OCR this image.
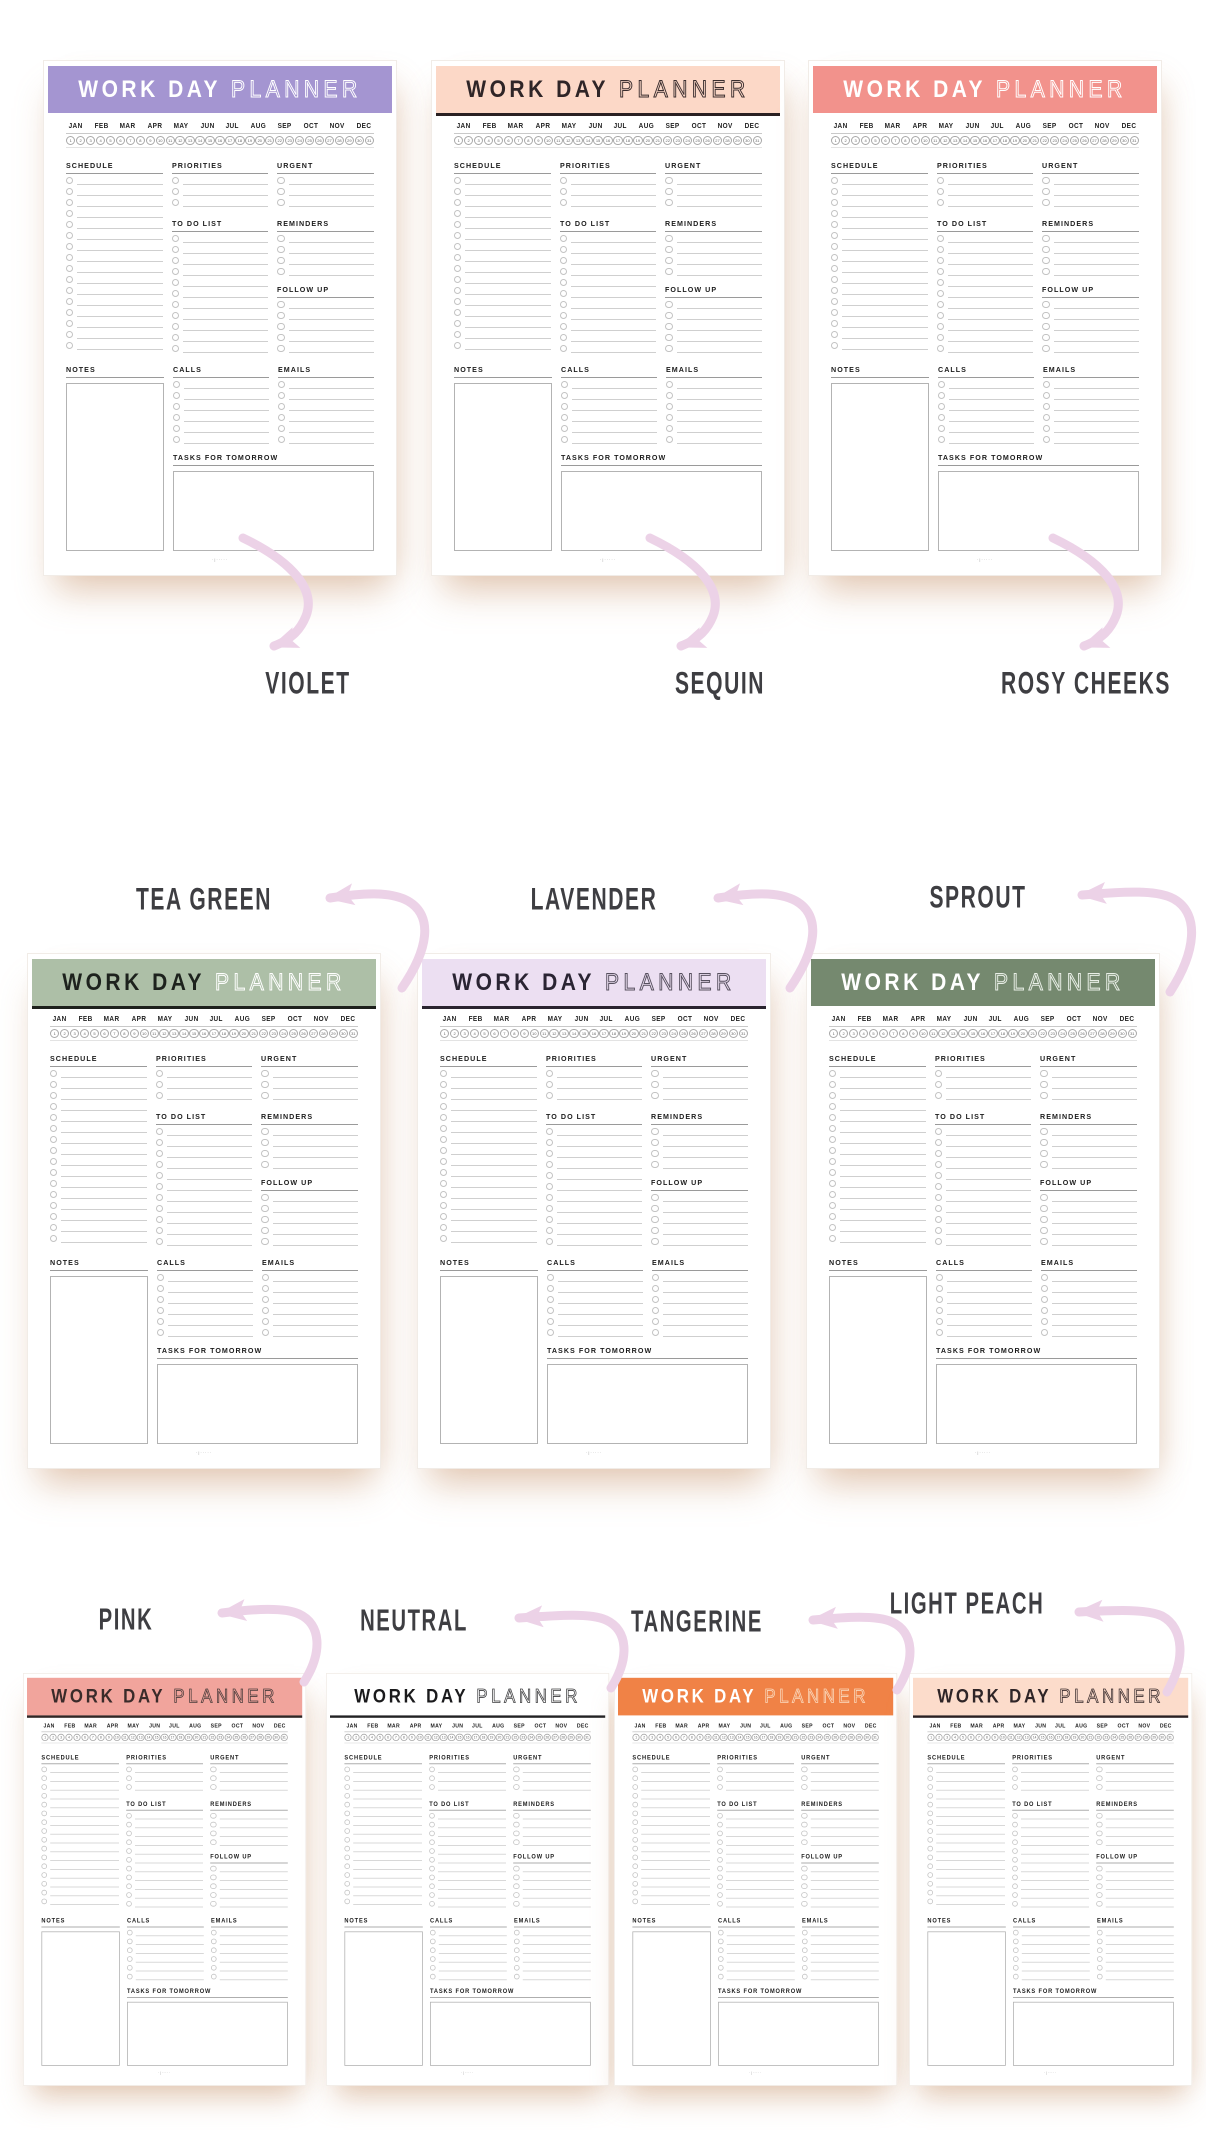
WORK DAY PLANNER
JAN FEB MAR APR MAY JUN JUL AUG SEP OCT NOV DEC
1	2	3	4	5	6	7	8	9	10	11	12	13	14	15	16	17	18	19	20	21	22	23	24	25	26	27	28	29	30	31
SCHEDULE	PRIORITIES
TO DO LIST
URGENT
REMINDERS
FOLLOW UP
NOTES	CALLS	EMAILS
TASKS FOR TOMORROW
·|·····
WORK DAY PLANNER
JAN FEB MAR APR MAY JUN JUL AUG SEP OCT NOV DEC
1	2	3	4	5	6	7	8	9	10	11	12	13	14	15	16	17	18	19	20	21	22	23	24	25	26	27	28	29	30	31
SCHEDULE	PRIORITIES
TO DO LIST
URGENT
REMINDERS
FOLLOW UP
NOTES	CALLS	EMAILS
TASKS FOR TOMORROW
·|·····
WORK DAY PLANNER
JAN FEB MAR APR MAY JUN JUL AUG SEP OCT NOV DEC
1	2	3	4	5	6	7	8	9	10	11	12	13	14	15	16	17	18	19	20	21	22	23	24	25	26	27	28	29	30	31
SCHEDULE	PRIORITIES
TO DO LIST
URGENT
REMINDERS
FOLLOW UP
NOTES	CALLS	EMAILS
TASKS FOR TOMORROW
·|·····
WORK DAY PLANNER
JAN FEB MAR APR MAY JUN JUL AUG SEP OCT NOV DEC
1	2	3	4	5	6	7	8	9	10	11	12	13	14	15	16	17	18	19	20	21	22	23	24	25	26	27	28	29	30	31
SCHEDULE	PRIORITIES
TO DO LIST
URGENT
REMINDERS
FOLLOW UP
NOTES	CALLS	EMAILS
TASKS FOR TOMORROW
·|·····
WORK DAY PLANNER
JAN FEB MAR APR MAY JUN JUL AUG SEP OCT NOV DEC
1	2	3	4	5	6	7	8	9	10	11	12	13	14	15	16	17	18	19	20	21	22	23	24	25	26	27	28	29	30	31
SCHEDULE	PRIORITIES
TO DO LIST
URGENT
REMINDERS
FOLLOW UP
NOTES	CALLS	EMAILS
TASKS FOR TOMORROW
·|·····
WORK DAY PLANNER
JAN FEB MAR APR MAY JUN JUL AUG SEP OCT NOV DEC
1	2	3	4	5	6	7	8	9	10	11	12	13	14	15	16	17	18	19	20	21	22	23	24	25	26	27	28	29	30	31
SCHEDULE	PRIORITIES
TO DO LIST
URGENT
REMINDERS
FOLLOW UP
NOTES	CALLS	EMAILS
TASKS FOR TOMORROW
·|·····
WORK DAY PLANNER
JAN FEB MAR APR MAY JUN JUL AUG SEP OCT NOV DEC
1	2	3	4	5	6	7	8	9	10	11	12	13	14	15	16	17	18	19	20	21	22	23	24	25	26	27	28	29	30	31
SCHEDULE	PRIORITIES
TO DO LIST
URGENT
REMINDERS
FOLLOW UP
NOTES	CALLS	EMAILS
TASKS FOR TOMORROW
·|·····
WORK DAY PLANNER
JAN FEB MAR APR MAY JUN JUL AUG SEP OCT NOV DEC
1	2	3	4	5	6	7	8	9	10	11	12	13	14	15	16	17	18	19	20	21	22	23	24	25	26	27	28	29	30	31
SCHEDULE	PRIORITIES
TO DO LIST
URGENT
REMINDERS
FOLLOW UP
NOTES	CALLS	EMAILS
TASKS FOR TOMORROW
·|·····
WORK DAY PLANNER
JAN FEB MAR APR MAY JUN JUL AUG SEP OCT NOV DEC
1	2	3	4	5	6	7	8	9	10	11	12	13	14	15	16	17	18	19	20	21	22	23	24	25	26	27	28	29	30	31
SCHEDULE	PRIORITIES
TO DO LIST
URGENT
REMINDERS
FOLLOW UP
NOTES	CALLS	EMAILS
TASKS FOR TOMORROW
·|·····
WORK DAY PLANNER
JAN FEB MAR APR MAY JUN JUL AUG SEP OCT NOV DEC
1	2	3	4	5	6	7	8	9	10	11	12	13	14	15	16	17	18	19	20	21	22	23	24	25	26	27	28	29	30	31
SCHEDULE	PRIORITIES
TO DO LIST
URGENT
REMINDERS
FOLLOW UP
NOTES	CALLS	EMAILS
TASKS FOR TOMORROW
·|·····
VIOLET	SEQUIN	ROSY CHEEKS
TEA GREEN	LAVENDER	SPROUT
PINK	NEUTRAL	TANGERINE
LIGHT PEACH
